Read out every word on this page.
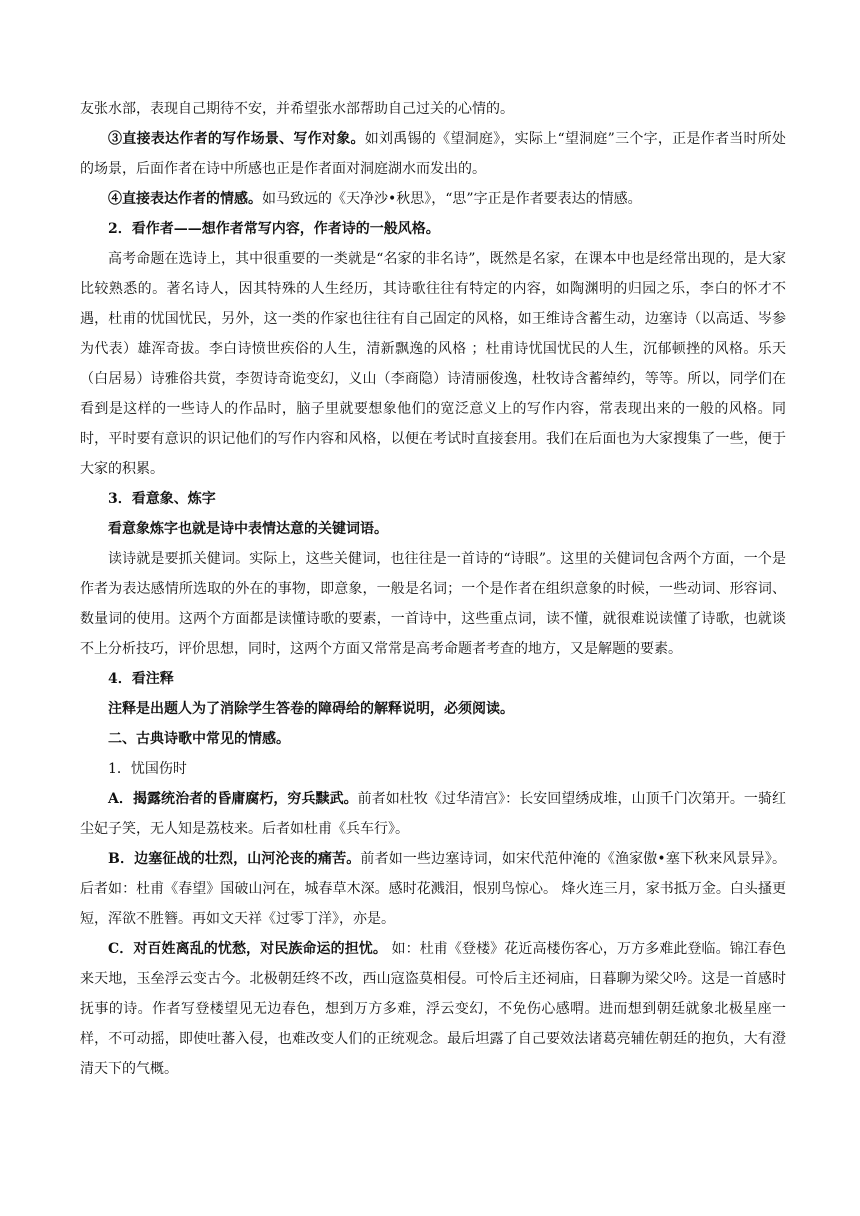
友张水部，表现自己期待不安，并希望张水部帮助自己过关的心情的。

③直接表达作者的写作场景、写作对象。如刘禹锡的《望洞庭》，实际上“望洞庭”三个字，正是作者当时所处的场景，后面作者在诗中所感也正是作者面对洞庭湖水而发出的。

④直接表达作者的情感。如马致远的《天净沙•秋思》，“思”字正是作者要表达的情感。

2．看作者——想作者常写内容，作者诗的一般风格。

高考命题在选诗上，其中很重要的一类就是“名家的非名诗”，既然是名家，在课本中也是经常出现的，是大家比较熟悉的。著名诗人，因其特殊的人生经历，其诗歌往往有特定的内容，如陶渊明的归园之乐，李白的怀才不遇，杜甫的忧国忧民，另外，这一类的作家也往往有自己固定的风格，如王维诗含蓄生动，边塞诗（以高适、岑参为代表）雄浑奇拔。李白诗愤世疾俗的人生，清新飘逸的风格 ；杜甫诗忧国忧民的人生，沉郁顿挫的风格。乐天（白居易）诗雅俗共赏，李贺诗奇诡变幻，义山（李商隐）诗清丽俊逸，杜牧诗含蓄绰约，等等。所以，同学们在看到是这样的一些诗人的作品时，脑子里就要想象他们的宽泛意义上的写作内容，常表现出来的一般的风格。同时，平时要有意识的识记他们的写作内容和风格，以便在考试时直接套用。我们在后面也为大家搜集了一些，便于大家的积累。

3．看意象、炼字

看意象炼字也就是诗中表情达意的关键词语。

读诗就是要抓关健词。实际上，这些关健词，也往往是一首诗的“诗眼”。这里的关健词包含两个方面，一个是作者为表达感情所选取的外在的事物，即意象，一般是名词；一个是作者在组织意象的时候，一些动词、形容词、数量词的使用。这两个方面都是读懂诗歌的要素，一首诗中，这些重点词，读不懂，就很难说读懂了诗歌，也就谈不上分析技巧，评价思想，同时，这两个方面又常常是高考命题者考查的地方，又是解题的要素。

4．看注释

注释是出题人为了消除学生答卷的障碍给的解释说明，必须阅读。

二、古典诗歌中常见的情感。

1．忧国伤时

A．揭露统治者的昏庸腐朽，穷兵黩武。前者如杜牧《过华清宫》：长安回望绣成堆，山顶千门次第开。一骑红尘妃子笑，无人知是荔枝来。后者如杜甫《兵车行》。

B．边塞征战的壮烈，山河沦丧的痛苦。前者如一些边塞诗词，如宋代范仲淹的《渔家傲•塞下秋来风景异》。后者如：杜甫《春望》国破山河在，城春草木深。感时花溅泪，恨别鸟惊心。 烽火连三月，家书抵万金。白头搔更短，浑欲不胜簪。再如文天祥《过零丁洋》，亦是。

C．对百姓离乱的忧愁，对民族命运的担忧。 如：杜甫《登楼》花近高楼伤客心，万方多难此登临。锦江春色来天地，玉垒浮云变古今。北极朝廷终不改，西山寇盗莫相侵。可怜后主还祠庙，日暮聊为梁父吟。这是一首感时抚事的诗。作者写登楼望见无边春色，想到万方多难，浮云变幻，不免伤心感喟。进而想到朝廷就象北极星座一样，不可动摇，即使吐蕃入侵，也难改变人们的正统观念。最后坦露了自己要效法诸葛亮辅佐朝廷的抱负，大有澄清天下的气概。
